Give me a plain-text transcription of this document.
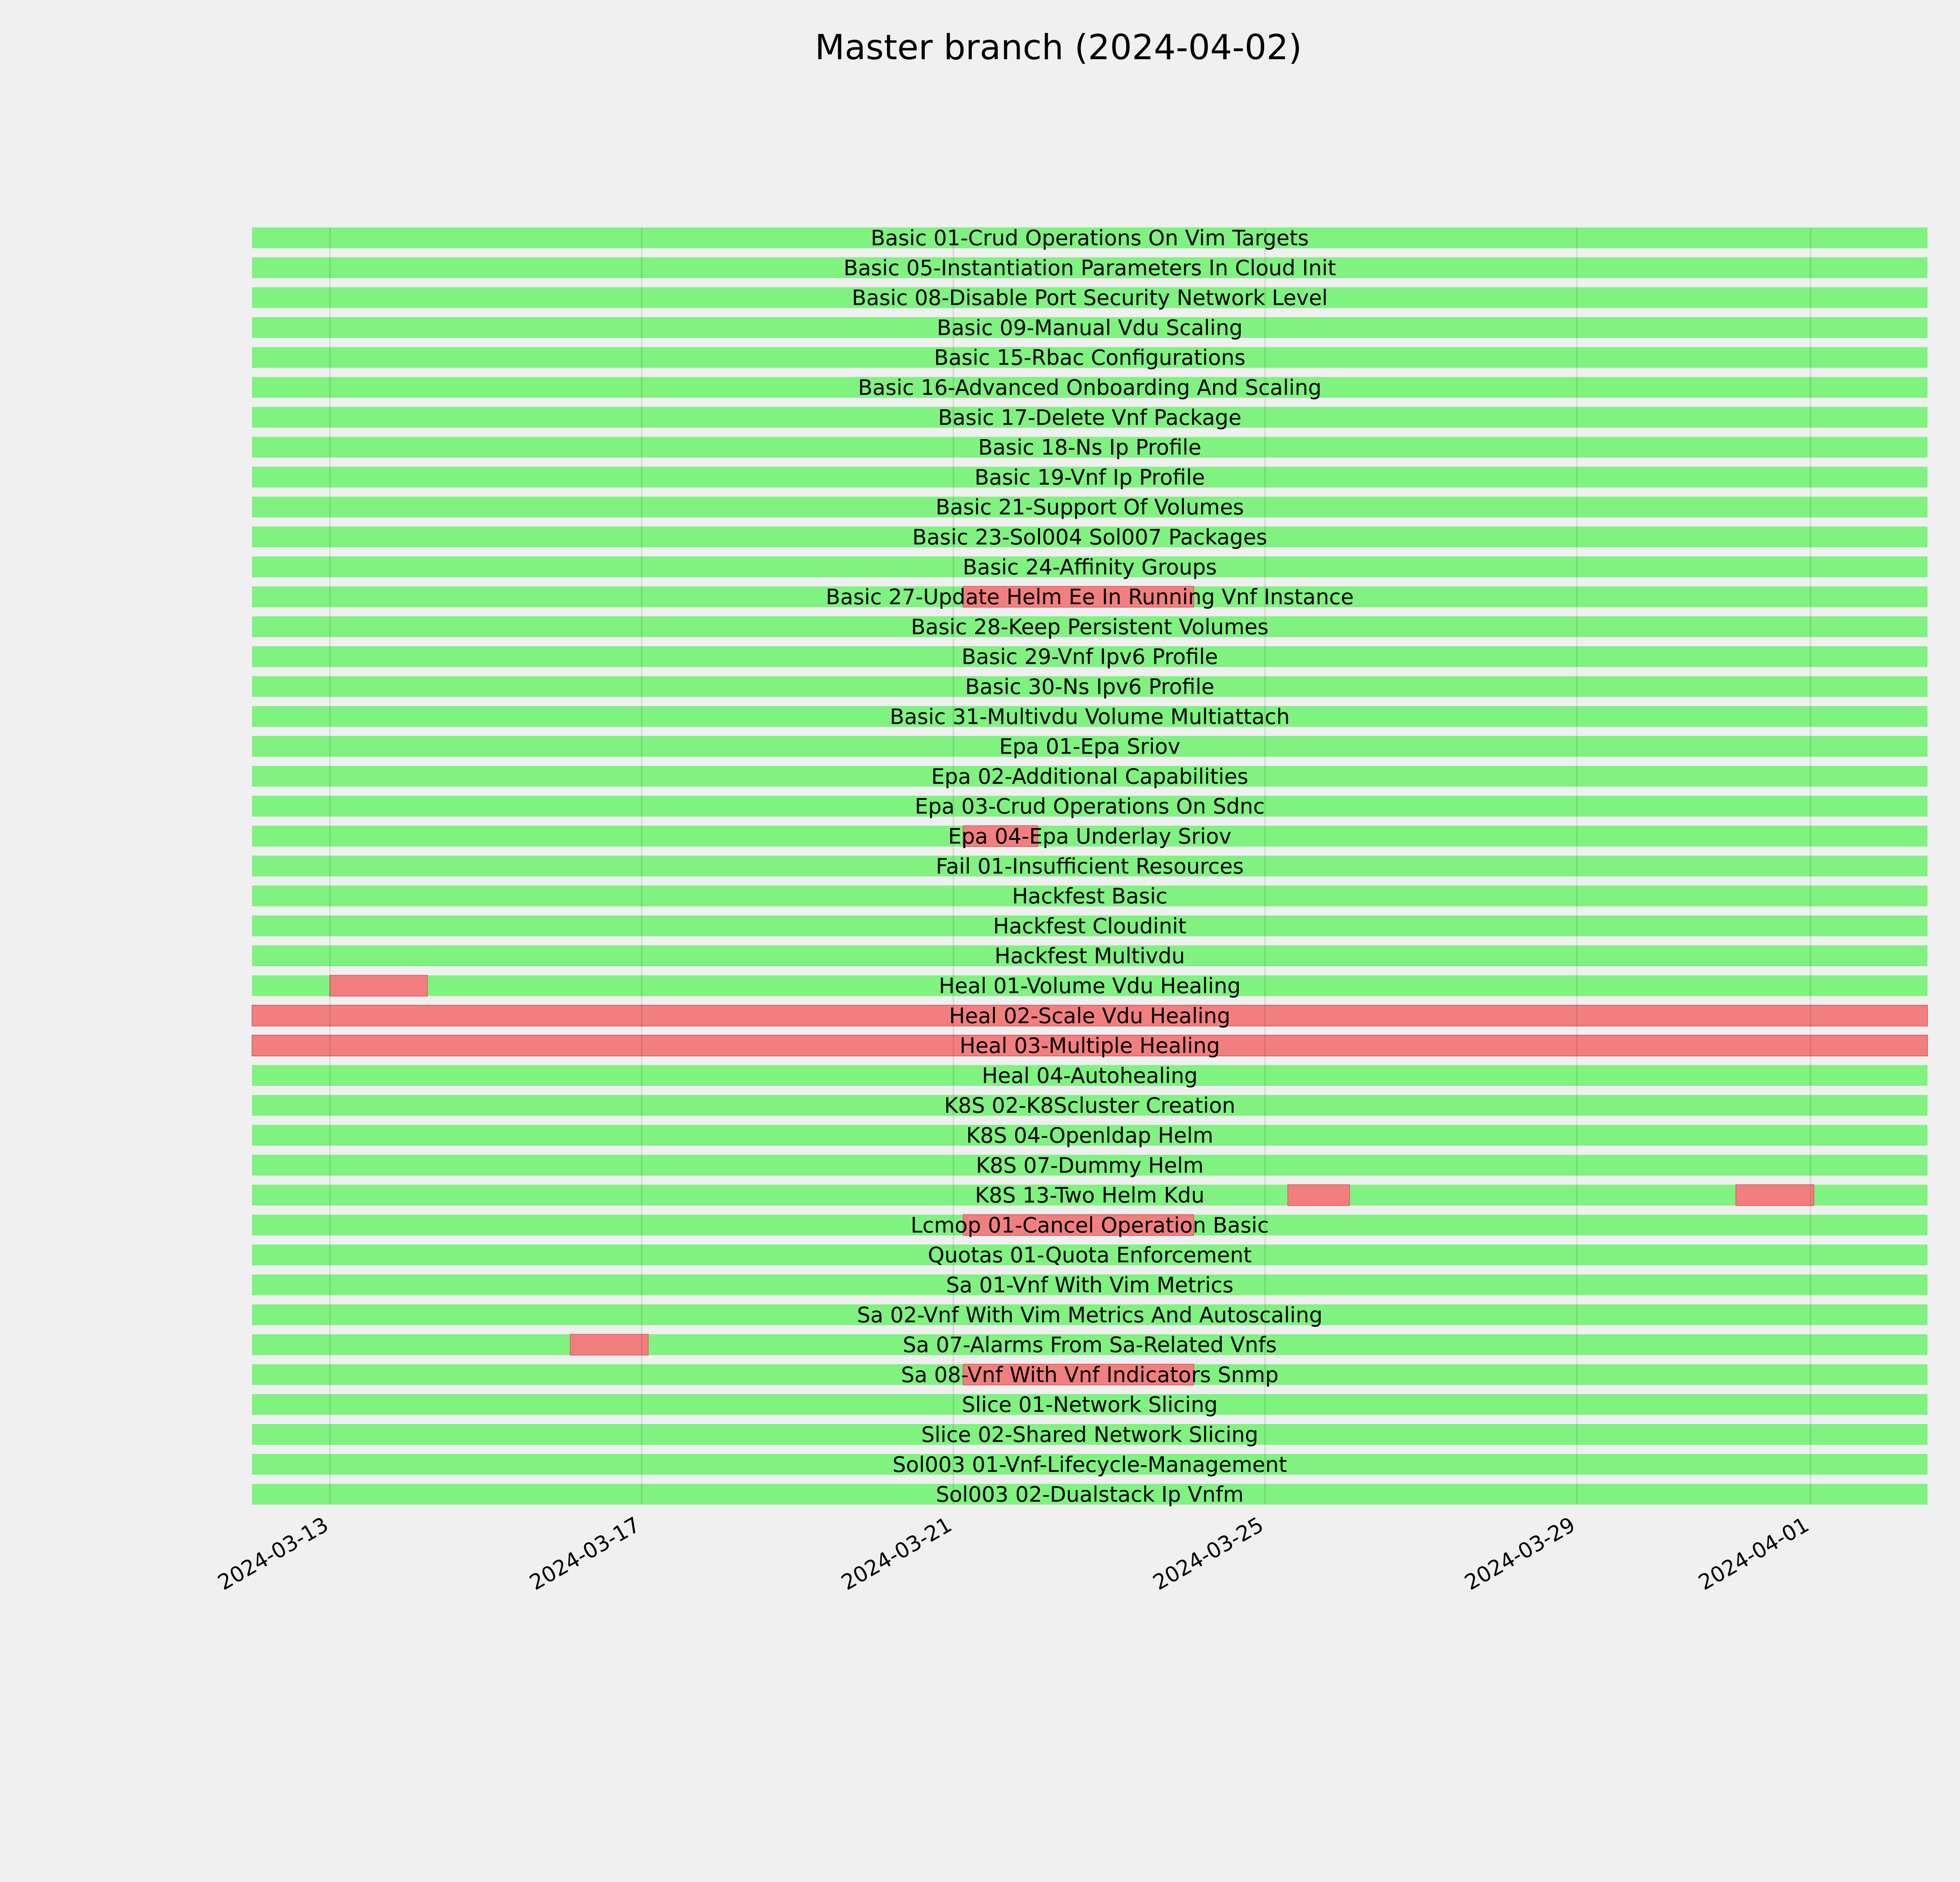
Master branch (2024-04-02)
Basic 01-Crud Operations On Vim Targets
Basic 05-Instantiation Parameters In Cloud Init
Basic 08-Disable Port Security Network Level
Basic 09-Manual Vdu Scaling
Basic 15-Rbac Configurations
Basic 16-Advanced Onboarding And Scaling
Basic 17-Delete Vnf Package
Basic 18-Ns Ip Profile
Basic 19-Vnf Ip Profile
Basic 21-Support Of Volumes
Basic 23-Sol004 Sol007 Packages
Basic 24-Affinity Groups
Basic 27-Update Helm Ee In Running Vnf Instance
Basic 28-Keep Persistent Volumes
Basic 29-Vnf Ipv6 Profile
Basic 30-Ns Ipv6 Profile
Basic 31-Multivdu Volume Multiattach
Epa 01-Epa Sriov
Epa 02-Additional Capabilities
Epa 03-Crud Operations On Sdnc
Epa 04-Epa Underlay Sriov
Fail 01-Insufficient Resources
Hackfest Basic
Hackfest Cloudinit
Hackfest Multivdu
Heal 01-Volume Vdu Healing
Heal 02-Scale Vdu Healing
Heal 03-Multiple Healing
Heal 04-Autohealing
K8S 02-K8Scluster Creation
K8S 04-Openldap Helm
K8S 07-Dummy Helm
K8S 13-Two Helm Kdu
Lcmop 01-Cancel Operation Basic
Quotas 01-Quota Enforcement
Sa 01-Vnf With Vim Metrics
Sa 02-Vnf With Vim Metrics And Autoscaling
Sa 07-Alarms From Sa-Related Vnfs
Sa 08-Vnf With Vnf Indicators Snmp
Slice 01-Network Slicing
Slice 02-Shared Network Slicing
Sol003 01-Vnf-Lifecycle-Management
Sol003 02-Dualstack Ip Vnfm
2024-03-13	2024-03-17	2024-03-21	2024-03-25	2024-03-29	2024-04-01
